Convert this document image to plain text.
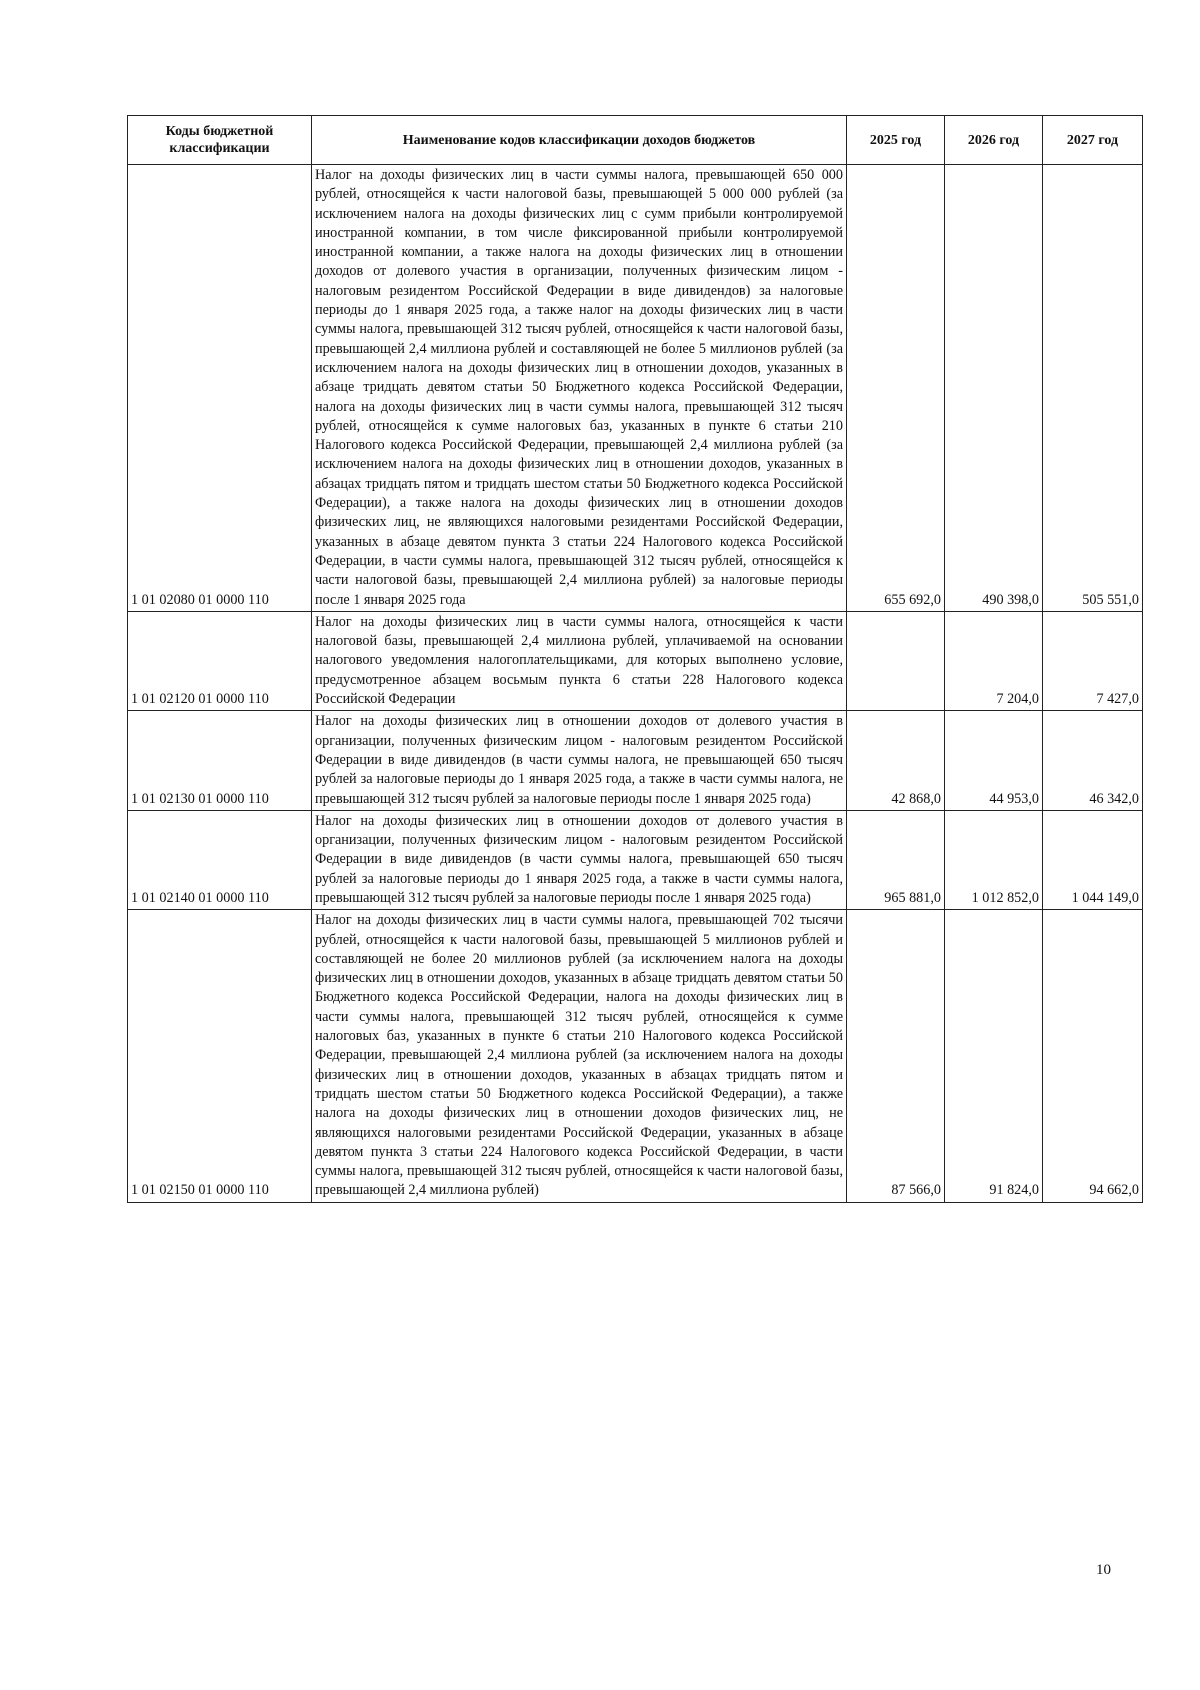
Коды бюджетной классификации	Наименование кодов классификации доходов бюджетов	2025 год	2026 год	2027 год
1 01 02080 01 0000 110	Налог на доходы физических лиц в части суммы налога, превышающей 650 000 рублей, относящейся к части налоговой базы, превышающей 5 000 000 рублей (за исключением налога на доходы физических лиц с сумм прибыли контролируемой иностранной компании, в том числе фиксированной прибыли контролируемой иностранной компании, а также налога на доходы физических лиц в отношении доходов от долевого участия в организации, полученных физическим лицом - налоговым резидентом Российской Федерации в виде дивидендов) за налоговые периоды до 1 января 2025 года, а также налог на доходы физических лиц в части суммы налога, превышающей 312 тысяч рублей, относящейся к части налоговой базы, превышающей 2,4 миллиона рублей и составляющей не более 5 миллионов рублей (за исключением налога на доходы физических лиц в отношении доходов, указанных в абзаце тридцать девятом статьи 50 Бюджетного кодекса Российской Федерации, налога на доходы физических лиц в части суммы налога, превышающей 312 тысяч рублей, относящейся к сумме налоговых баз, указанных в пункте 6 статьи 210 Налогового кодекса Российской Федерации, превышающей 2,4 миллиона рублей (за исключением налога на доходы физических лиц в отношении доходов, указанных в абзацах тридцать пятом и тридцать шестом статьи 50 Бюджетного кодекса Российской Федерации), а также налога на доходы физических лиц в отношении доходов физических лиц, не являющихся налоговыми резидентами Российской Федерации, указанных в абзаце девятом пункта 3 статьи 224 Налогового кодекса Российской Федерации, в части суммы налога, превышающей 312 тысяч рублей, относящейся к части налоговой базы, превышающей 2,4 миллиона рублей) за налоговые периоды после 1 января 2025 года	655 692,0	490 398,0	505 551,0
1 01 02120 01 0000 110	Налог на доходы физических лиц в части суммы налога, относящейся к части налоговой базы, превышающей 2,4 миллиона рублей, уплачиваемой на основании налогового уведомления налогоплательщиками, для которых выполнено условие, предусмотренное абзацем восьмым пункта 6 статьи 228 Налогового кодекса Российской Федерации		7 204,0	7 427,0
1 01 02130 01 0000 110	Налог на доходы физических лиц в отношении доходов от долевого участия в организации, полученных физическим лицом - налоговым резидентом Российской Федерации в виде дивидендов (в части суммы налога, не превышающей 650 тысяч рублей за налоговые периоды до 1 января 2025 года, а также в части суммы налога, не превышающей 312 тысяч рублей за налоговые периоды после 1 января 2025 года)	42 868,0	44 953,0	46 342,0
1 01 02140 01 0000 110	Налог на доходы физических лиц в отношении доходов от долевого участия в организации, полученных физическим лицом - налоговым резидентом Российской Федерации в виде дивидендов (в части суммы налога, превышающей 650 тысяч рублей за налоговые периоды до 1 января 2025 года, а также в части суммы налога, превышающей 312 тысяч рублей за налоговые периоды после 1 января 2025 года)	965 881,0	1 012 852,0	1 044 149,0
1 01 02150 01 0000 110	Налог на доходы физических лиц в части суммы налога, превышающей 702 тысячи рублей, относящейся к части налоговой базы, превышающей 5 миллионов рублей и составляющей не более 20 миллионов рублей (за исключением налога на доходы физических лиц в отношении доходов, указанных в абзаце тридцать девятом статьи 50 Бюджетного кодекса Российской Федерации, налога на доходы физических лиц в части суммы налога, превышающей 312 тысяч рублей, относящейся к сумме налоговых баз, указанных в пункте 6 статьи 210 Налогового кодекса Российской Федерации, превышающей 2,4 миллиона рублей (за исключением налога на доходы физических лиц в отношении доходов, указанных в абзацах тридцать пятом и тридцать шестом статьи 50 Бюджетного кодекса Российской Федерации), а также налога на доходы физических лиц в отношении доходов физических лиц, не являющихся налоговыми резидентами Российской Федерации, указанных в абзаце девятом пункта 3 статьи 224 Налогового кодекса Российской Федерации, в части суммы налога, превышающей 312 тысяч рублей, относящейся к части налоговой базы, превышающей 2,4 миллиона рублей)	87 566,0	91 824,0	94 662,0
10
